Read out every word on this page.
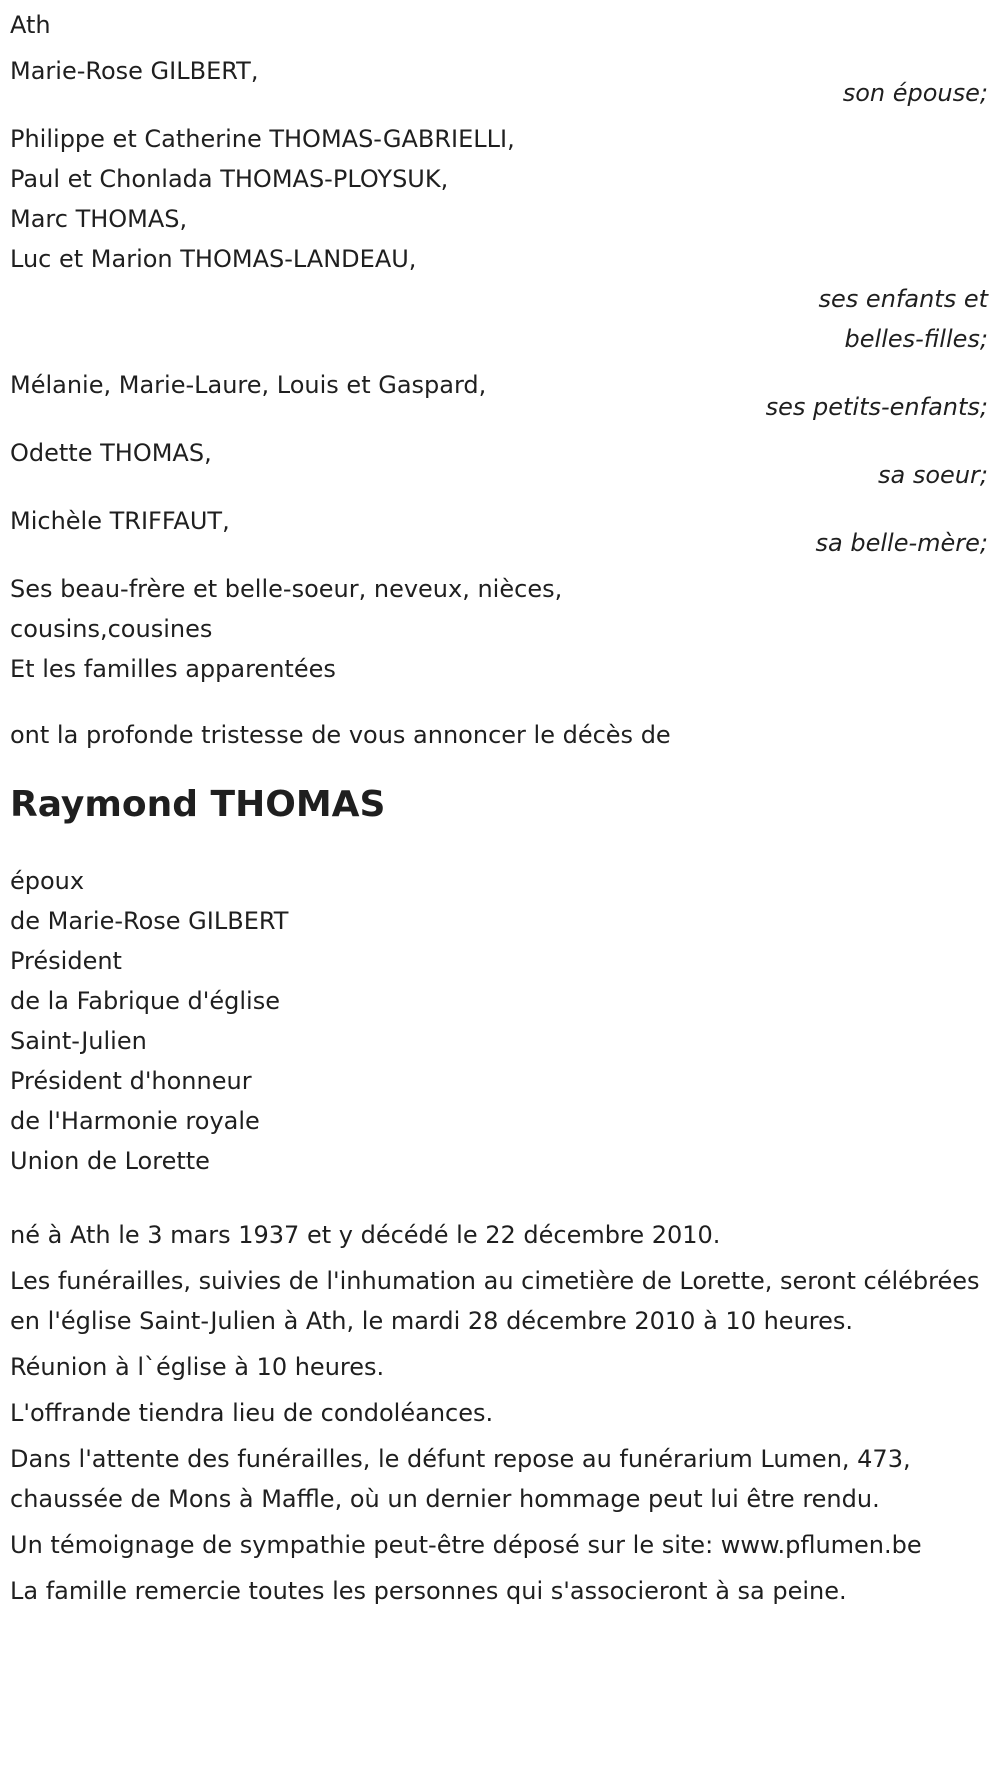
Ath
Marie-Rose GILBERT,
son épouse;
Philippe et Catherine THOMAS-GABRIELLI,
Paul et Chonlada THOMAS-PLOYSUK,
Marc THOMAS,
Luc et Marion THOMAS-LANDEAU,
ses enfants et
belles-filles;
Mélanie, Marie-Laure, Louis et Gaspard,
ses petits-enfants;
Odette THOMAS,
sa soeur;
Michèle TRIFFAUT,
sa belle-mère;
Ses beau-frère et belle-soeur, neveux, nièces,
cousins,cousines
Et les familles apparentées
ont la profonde tristesse de vous annoncer le décès de
Raymond THOMAS
époux
de Marie-Rose GILBERT
Président
de la Fabrique d'église
Saint-Julien
Président d'honneur
de l'Harmonie royale
Union de Lorette
né à Ath le 3 mars 1937 et y décédé le 22 décembre 2010.
Les funérailles, suivies de l'inhumation au cimetière de Lorette, seront célébrées en l'église Saint-Julien à Ath, le mardi 28 décembre 2010 à 10 heures.
Réunion à l`église à 10 heures.
L'offrande tiendra lieu de condoléances.
Dans l'attente des funérailles, le défunt repose au funérarium Lumen, 473, chaussée de Mons à Maffle, où un dernier hommage peut lui être rendu.
Un témoignage de sympathie peut-être déposé sur le site: www.pflumen.be
La famille remercie toutes les personnes qui s'associeront à sa peine.
